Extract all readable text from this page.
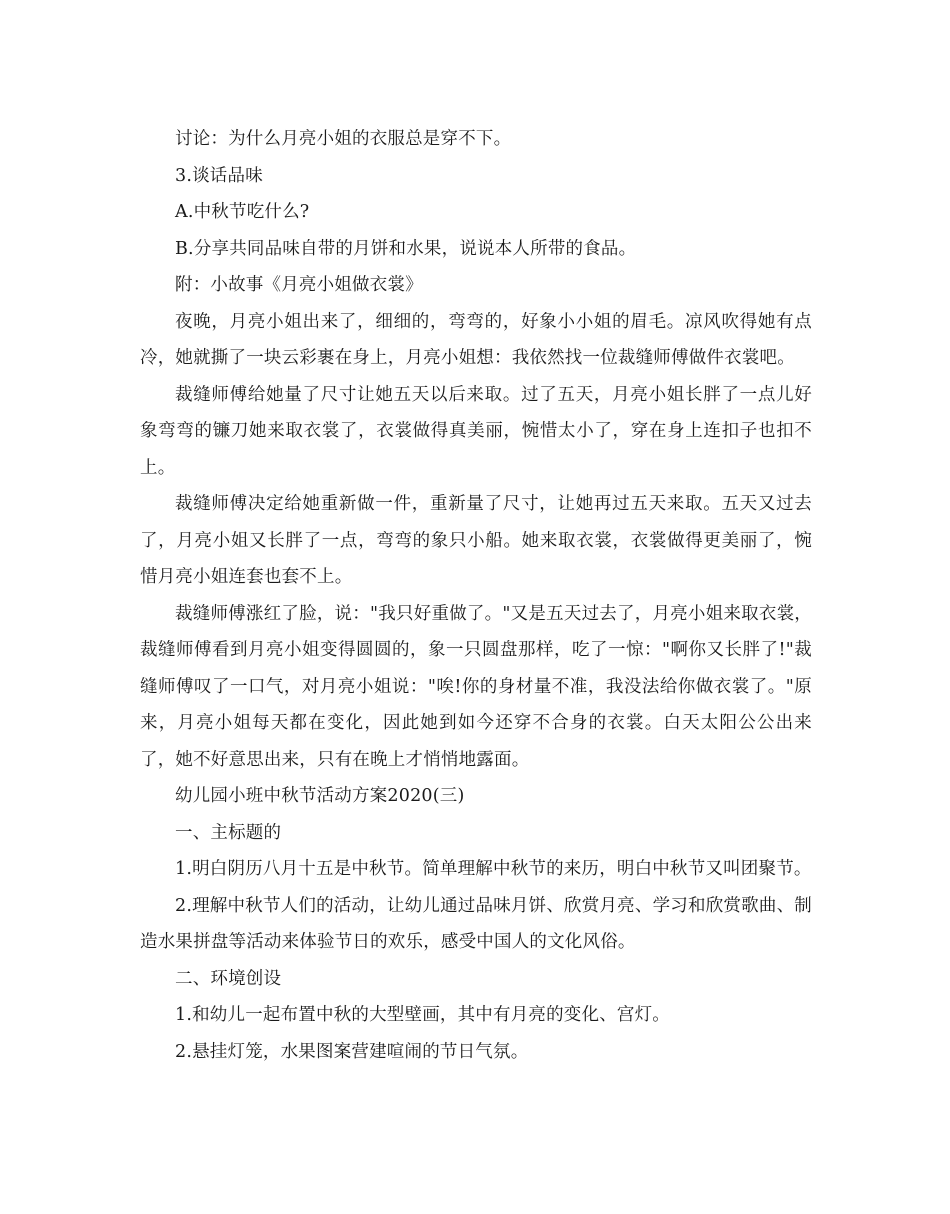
讨论：为什么月亮小姐的衣服总是穿不下。

3.谈话品味

A.中秋节吃什么?

B.分享共同品味自带的月饼和水果，说说本人所带的食品。

附：小故事《月亮小姐做衣裳》

夜晚，月亮小姐出来了，细细的，弯弯的，好象小小姐的眉毛。凉风吹得她有点冷，她就撕了一块云彩裹在身上，月亮小姐想：我依然找一位裁缝师傅做件衣裳吧。

裁缝师傅给她量了尺寸让她五天以后来取。过了五天，月亮小姐长胖了一点儿好象弯弯的镰刀她来取衣裳了，衣裳做得真美丽，惋惜太小了，穿在身上连扣子也扣不上。

裁缝师傅决定给她重新做一件，重新量了尺寸，让她再过五天来取。五天又过去了，月亮小姐又长胖了一点，弯弯的象只小船。她来取衣裳，衣裳做得更美丽了，惋惜月亮小姐连套也套不上。

裁缝师傅涨红了脸，说："我只好重做了。"又是五天过去了，月亮小姐来取衣裳，裁缝师傅看到月亮小姐变得圆圆的，象一只圆盘那样，吃了一惊："啊你又长胖了!"裁缝师傅叹了一口气，对月亮小姐说："唉!你的身材量不准，我没法给你做衣裳了。"原来，月亮小姐每天都在变化，因此她到如今还穿不合身的衣裳。白天太阳公公出来了，她不好意思出来，只有在晚上才悄悄地露面。

幼儿园小班中秋节活动方案2020(三)

一、主标题的

1.明白阴历八月十五是中秋节。简单理解中秋节的来历，明白中秋节又叫团聚节。

2.理解中秋节人们的活动，让幼儿通过品味月饼、欣赏月亮、学习和欣赏歌曲、制造水果拼盘等活动来体验节日的欢乐，感受中国人的文化风俗。

二、环境创设

1.和幼儿一起布置中秋的大型壁画，其中有月亮的变化、宫灯。

2.悬挂灯笼，水果图案营建喧闹的节日气氛。
